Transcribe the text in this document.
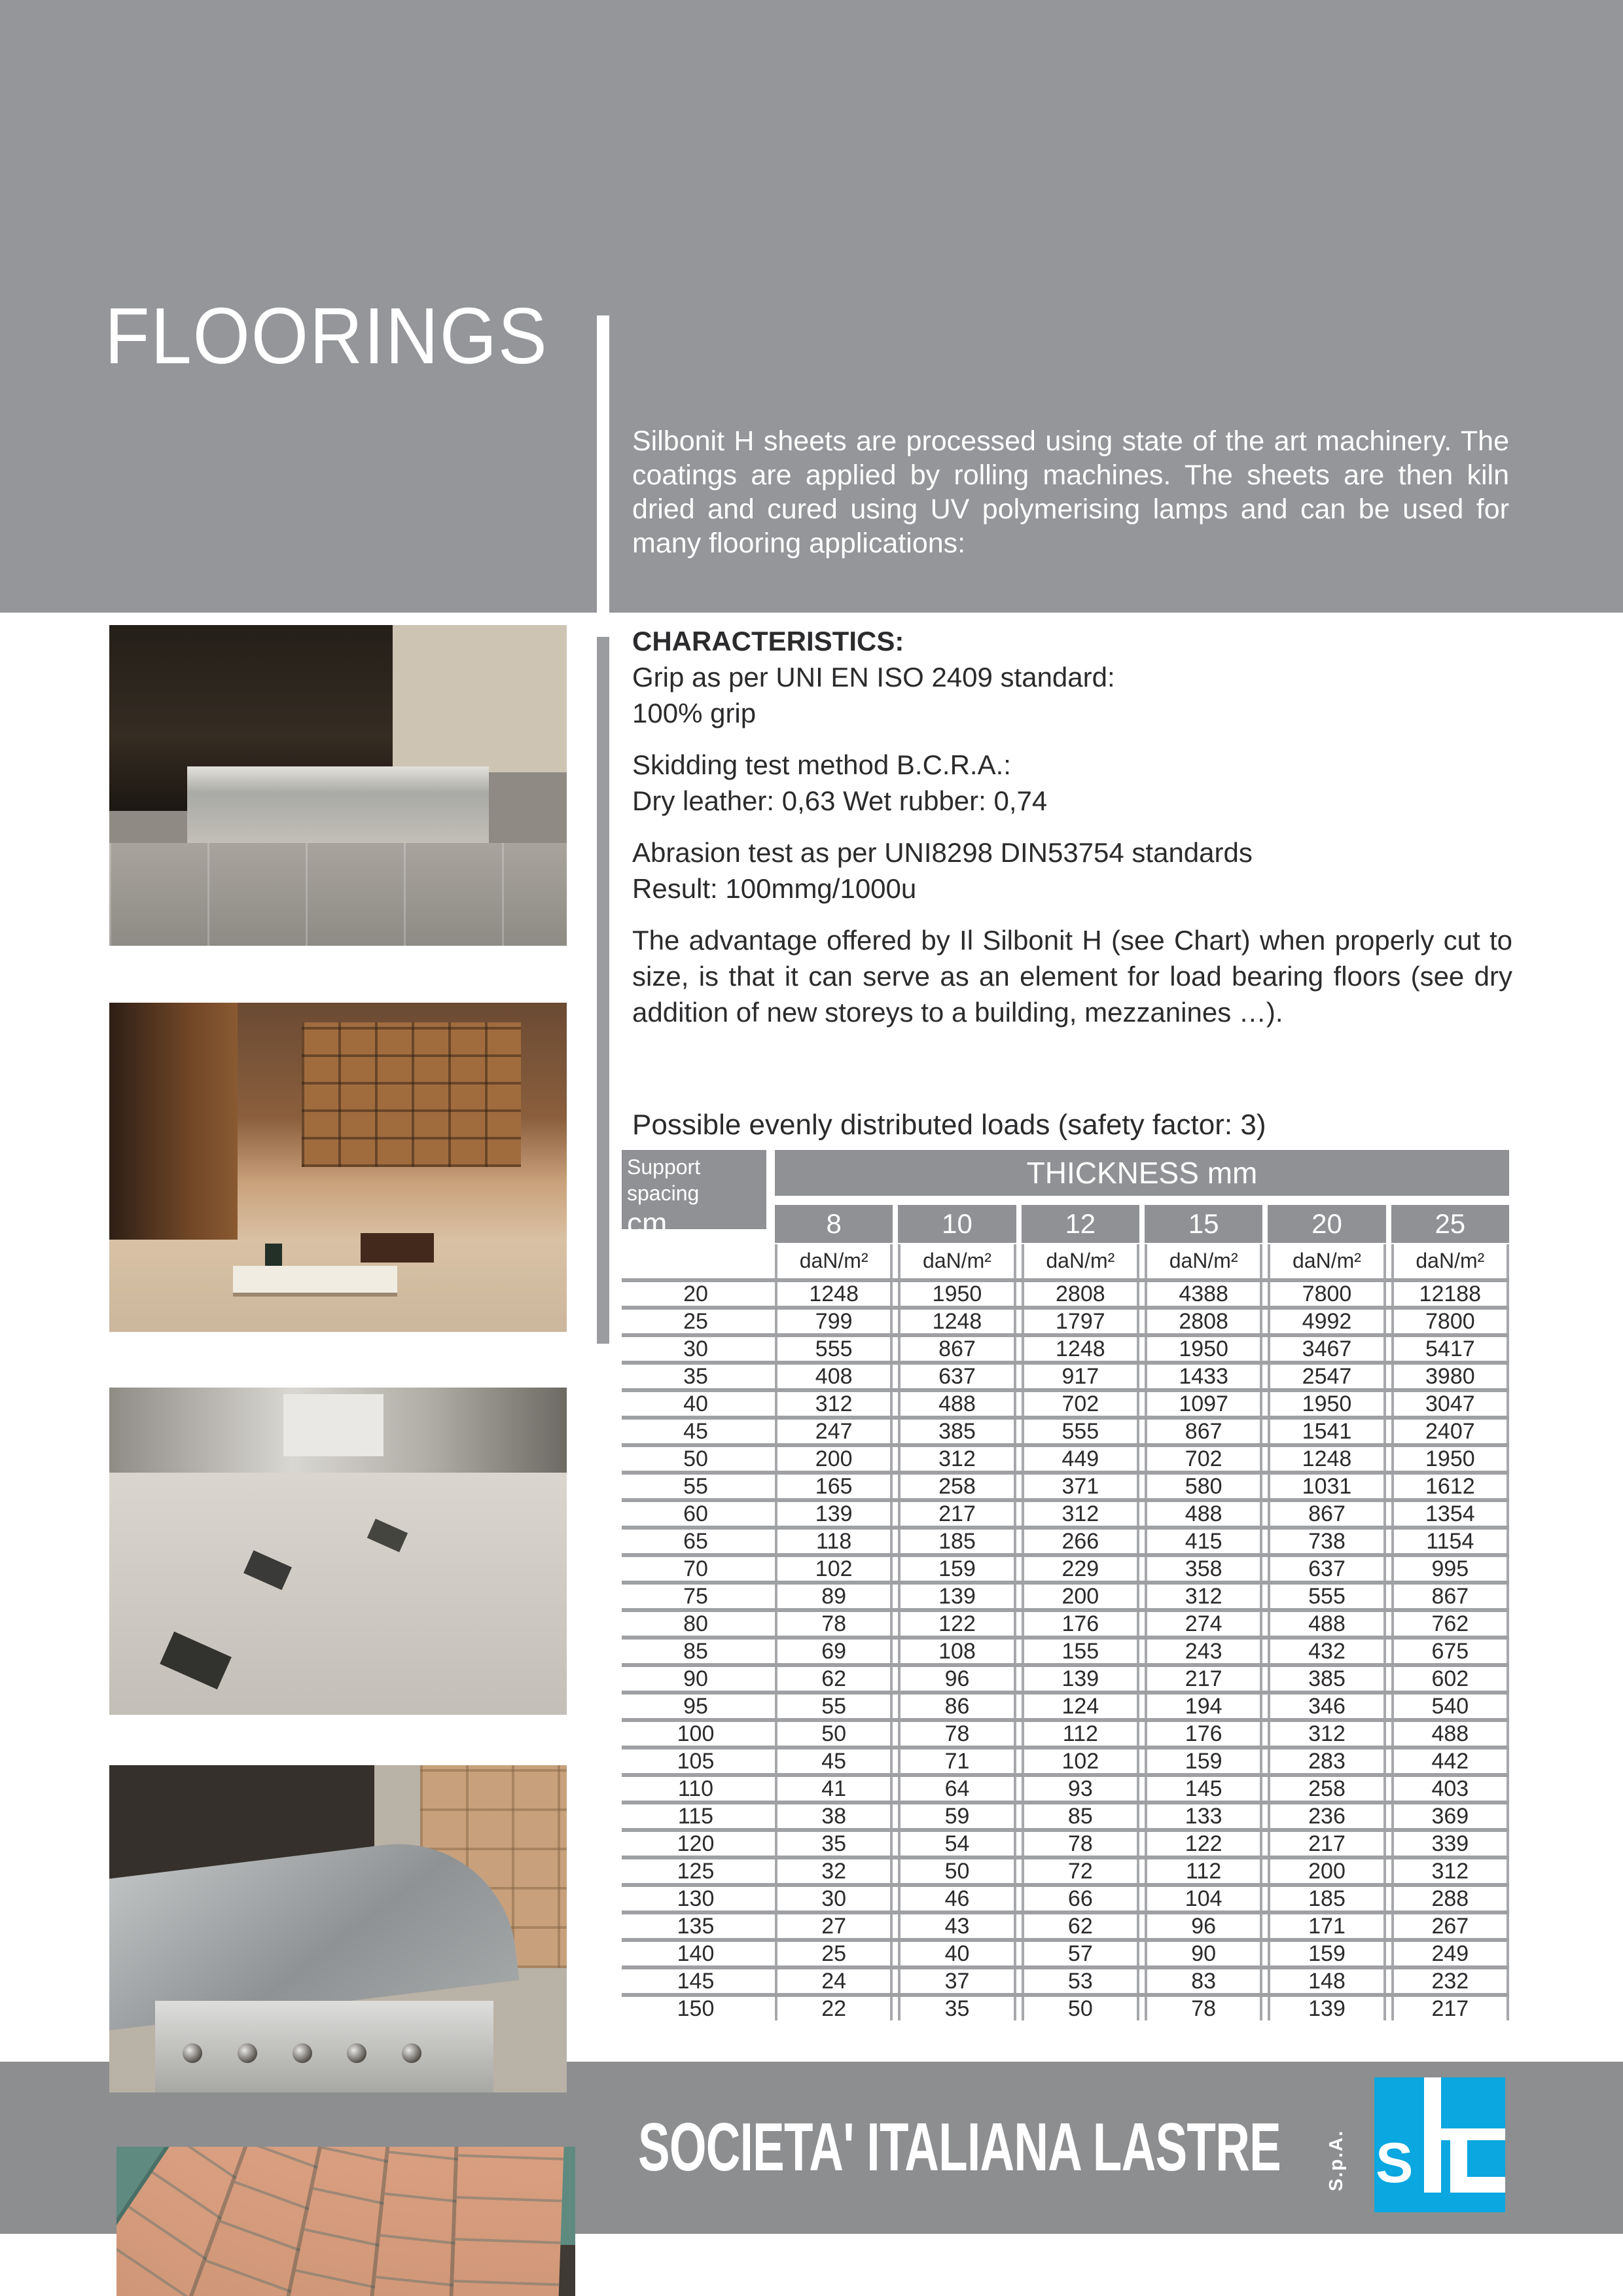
FLOORINGS
Silbonit H sheets are processed using state of the art machinery. The coatings are applied by rolling machines. The sheets are then kiln dried and cured using UV polymerising lamps and can be used for many flooring applications:

CHARACTERISTICS:

Grip as per UNI EN ISO 2409 standard:

100% grip

Skidding test method B.C.R.A.:

Dry leather: 0,63 Wet rubber: 0,74

Abrasion test as per UNI8298 DIN53754 standards

Result: 100mmg/1000u

The advantage offered by Il Silbonit H (see Chart) when properly cut to size, is that it can serve as an element for load bearing floors (see dry addition of new storeys to a building, mezzanines …).

Possible evenly distributed loads (safety factor: 3)
Support spacing
cm
THICKNESS mm
8	10	12	15	20	25
daN/m²	daN/m²	daN/m²	daN/m²	daN/m²	daN/m²
20	1248	1950	2808	4388	7800	12188
25	799	1248	1797	2808	4992	7800
30	555	867	1248	1950	3467	5417
35	408	637	917	1433	2547	3980
40	312	488	702	1097	1950	3047
45	247	385	555	867	1541	2407
50	200	312	449	702	1248	1950
55	165	258	371	580	1031	1612
60	139	217	312	488	867	1354
65	118	185	266	415	738	1154
70	102	159	229	358	637	995
75	89	139	200	312	555	867
80	78	122	176	274	488	762
85	69	108	155	243	432	675
90	62	96	139	217	385	602
95	55	86	124	194	346	540
100	50	78	112	176	312	488
105	45	71	102	159	283	442
110	41	64	93	145	258	403
115	38	59	85	133	236	369
120	35	54	78	122	217	339
125	32	50	72	112	200	312
130	30	46	66	104	185	288
135	27	43	62	96	171	267
140	25	40	57	90	159	249
145	24	37	53	83	148	232
150	22	35	50	78	139	217
SOCIETA' ITALIANA LASTRE S.p.A. S
